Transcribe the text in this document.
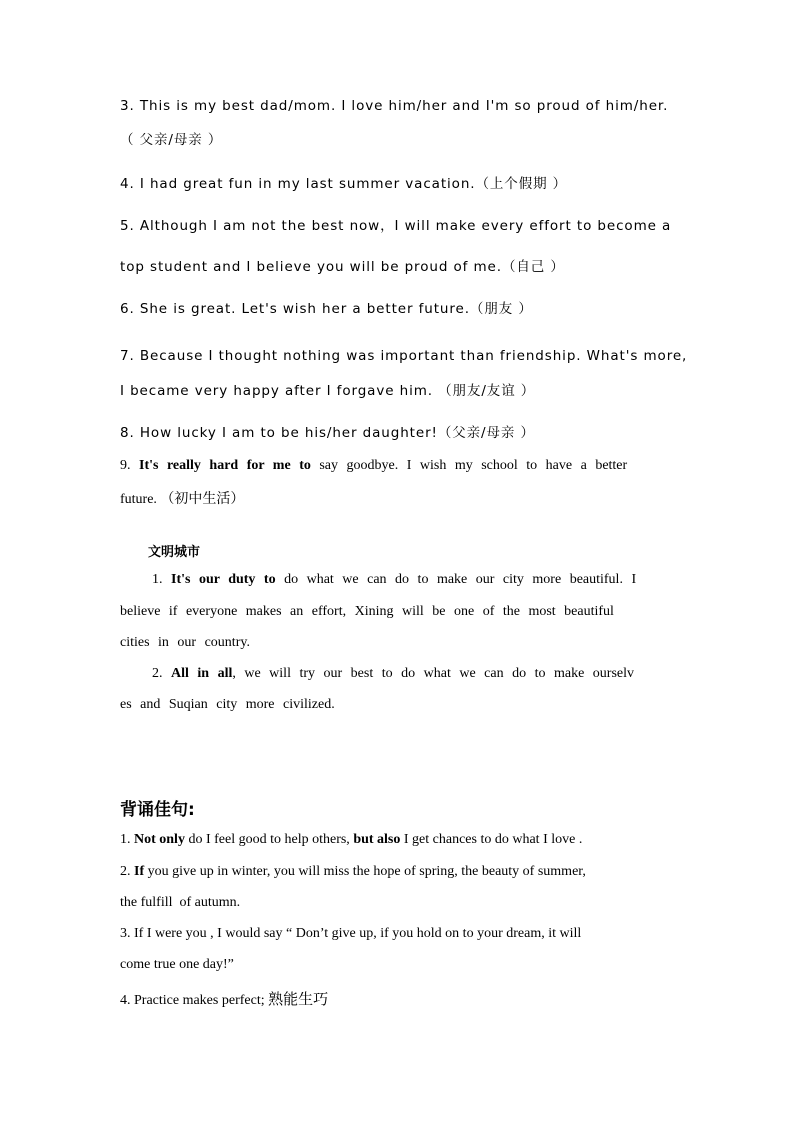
3. This is my best dad/mom. I love him/her and I'm so proud of him/her.

（ 父亲/母亲 ）

4. I had great fun in my last summer vacation.（上个假期 ）

5. Although I am not the best now，I will make every effort to become a

top student and I believe you will be proud of me.（自己 ）

6. She is great. Let's wish her a better future.（朋友 ）

7. Because I thought nothing was important than friendship. What's more,

I became very happy after I forgave him. （朋友/友谊 ）

8. How lucky I am to be his/her daughter!（父亲/母亲 ）

9. It's really hard for me to say goodbye. I wish my school to have a better

future. （初中生活）

文明城市

1. It's our duty to do what we can do to make our city more beautiful. I

believe if everyone makes an effort, Xining will be one of the most beautiful

cities in our country.

2. All in all, we will try our best to do what we can do to make ourselv

es and Suqian city more civilized.

背诵佳句:

1. Not only do I feel good to help others, but also I get chances to do what I love .

2. If you give up in winter, you will miss the hope of spring, the beauty of summer,

the fulfill  of autumn.

3. If I were you , I would say “ Don’t give up, if you hold on to your dream, it will

come true one day!”

4. Practice makes perfect; 熟能生巧
